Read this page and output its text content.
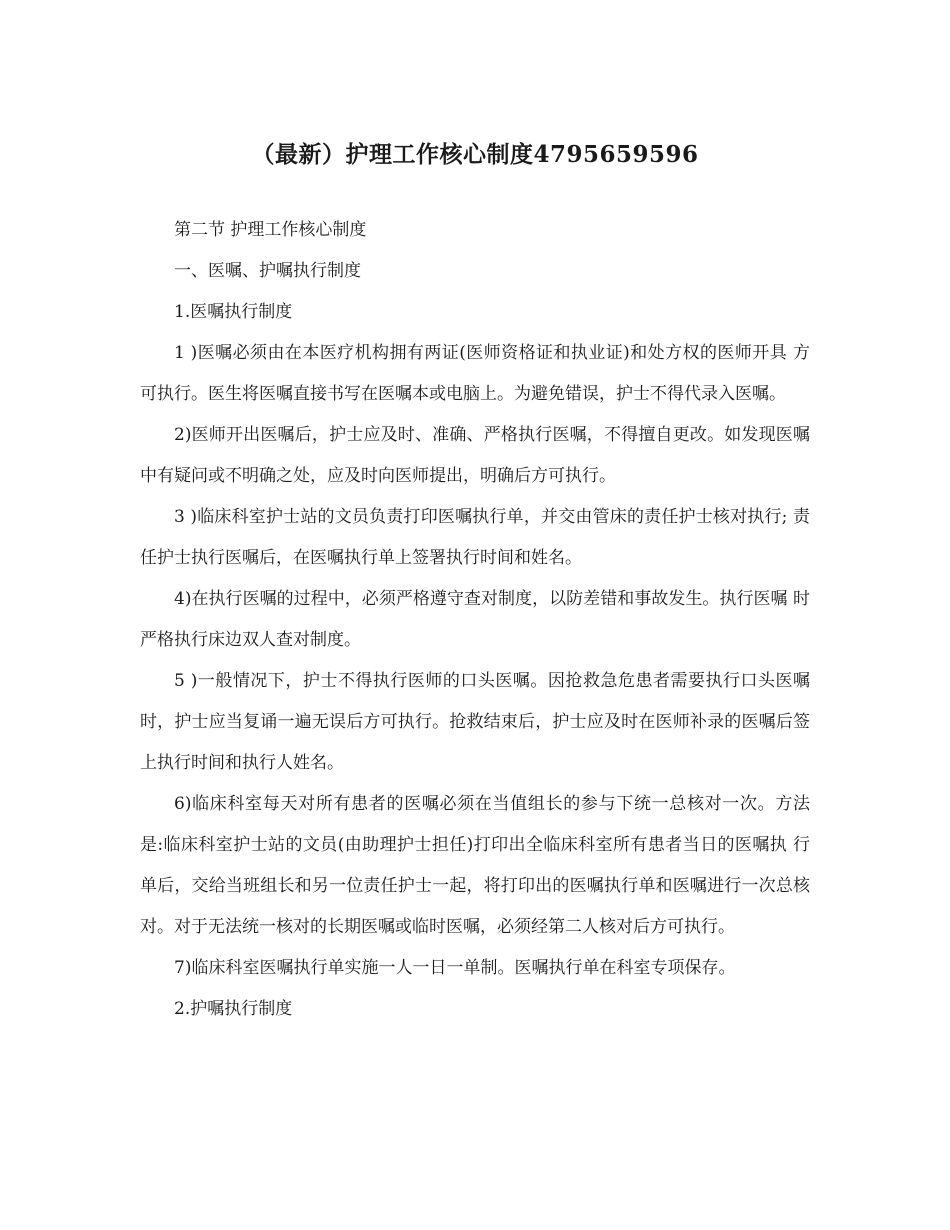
（最新）护理工作核心制度4795659596

第二节 护理工作核心制度

一、医嘱、护嘱执行制度

1.医嘱执行制度

1 )医嘱必须由在本医疗机构拥有两证(医师资格证和执业证)和处方权的医师开具 方可执行。医生将医嘱直接书写在医嘱本或电脑上。为避免错误，护士不得代录入医嘱。

2)医师开出医嘱后，护士应及时、准确、严格执行医嘱，不得擅自更改。如发现医嘱中有疑问或不明确之处，应及时向医师提出，明确后方可执行。

3 )临床科室护士站的文员负责打印医嘱执行单，并交由管床的责任护士核对执行; 责任护士执行医嘱后，在医嘱执行单上签署执行时间和姓名。

4)在执行医嘱的过程中，必须严格遵守查对制度，以防差错和事故发生。执行医嘱 时严格执行床边双人查对制度。

5 )一般情况下，护士不得执行医师的口头医嘱。因抢救急危患者需要执行口头医嘱 时，护士应当复诵一遍无误后方可执行。抢救结束后，护士应及时在医师补录的医嘱后签上执行时间和执行人姓名。

6)临床科室每天对所有患者的医嘱必须在当值组长的参与下统一总核对一次。方法 是:临床科室护士站的文员(由助理护士担任)打印出全临床科室所有患者当日的医嘱执 行单后，交给当班组长和另一位责任护士一起，将打印出的医嘱执行单和医嘱进行一次总核对。对于无法统一核对的长期医嘱或临时医嘱，必须经第二人核对后方可执行。

7)临床科室医嘱执行单实施一人一日一单制。医嘱执行单在科室专项保存。

2.护嘱执行制度
